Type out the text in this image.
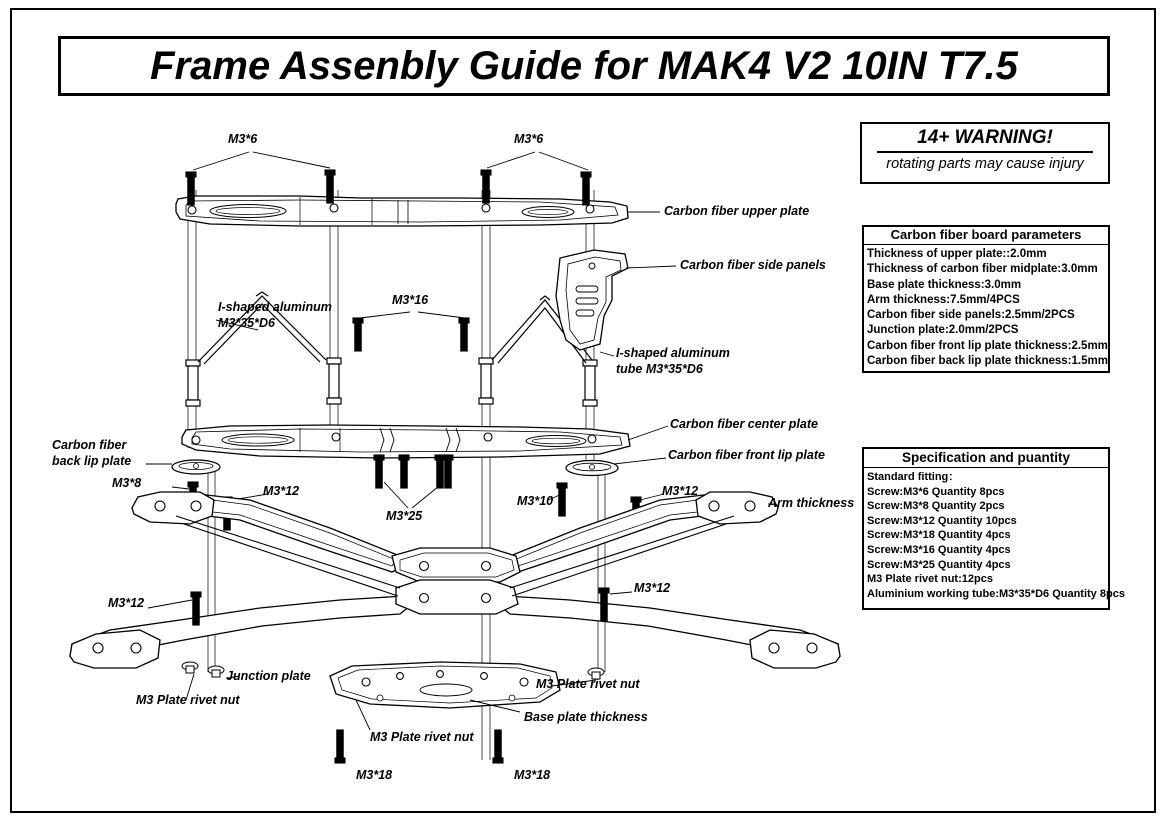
Frame Assenbly Guide for MAK4 V2 10IN T7.5
14+ WARNING!
rotating parts may cause injury
Carbon fiber board parameters
Thickness of upper plate::2.0mm
Thickness of carbon fiber midplate:3.0mm
Base plate thickness:3.0mm
Arm thickness:7.5mm/4PCS
Carbon fiber side panels:2.5mm/2PCS
Junction plate:2.0mm/2PCS
Carbon fiber front lip plate thickness:2.5mm
Carbon fiber back lip plate thickness:1.5mm
Specification and puantity
Standard fitting：
Screw:M3*6 Quantity 8pcs
Screw:M3*8 Quantity 2pcs
Screw:M3*12 Quantity 10pcs
Screw:M3*18 Quantity 4pcs
Screw:M3*16 Quantity 4pcs
Screw:M3*25 Quantity 4pcs
M3 Plate rivet nut:12pcs
Aluminium working tube:M3*35*D6 Quantity 8pcs
M3*6	M3*6
Carbon fiber upper plate
Carbon fiber side panels
I-shaped aluminum
M3*35*D6
M3*16
I-shaped aluminum
tube M3*35*D6
Carbon fiber center plate
Carbon fiber
back lip plate	Carbon fiber front lip plate
M3*8
M3*12
M3*25
M3*10
M3*12
Arm thickness
M3*12
M3*12
Junction plate
M3 Plate rivet nut
M3 Plate rivet nut
M3 Plate rivet nut
Base plate thickness
M3*18	M3*18
